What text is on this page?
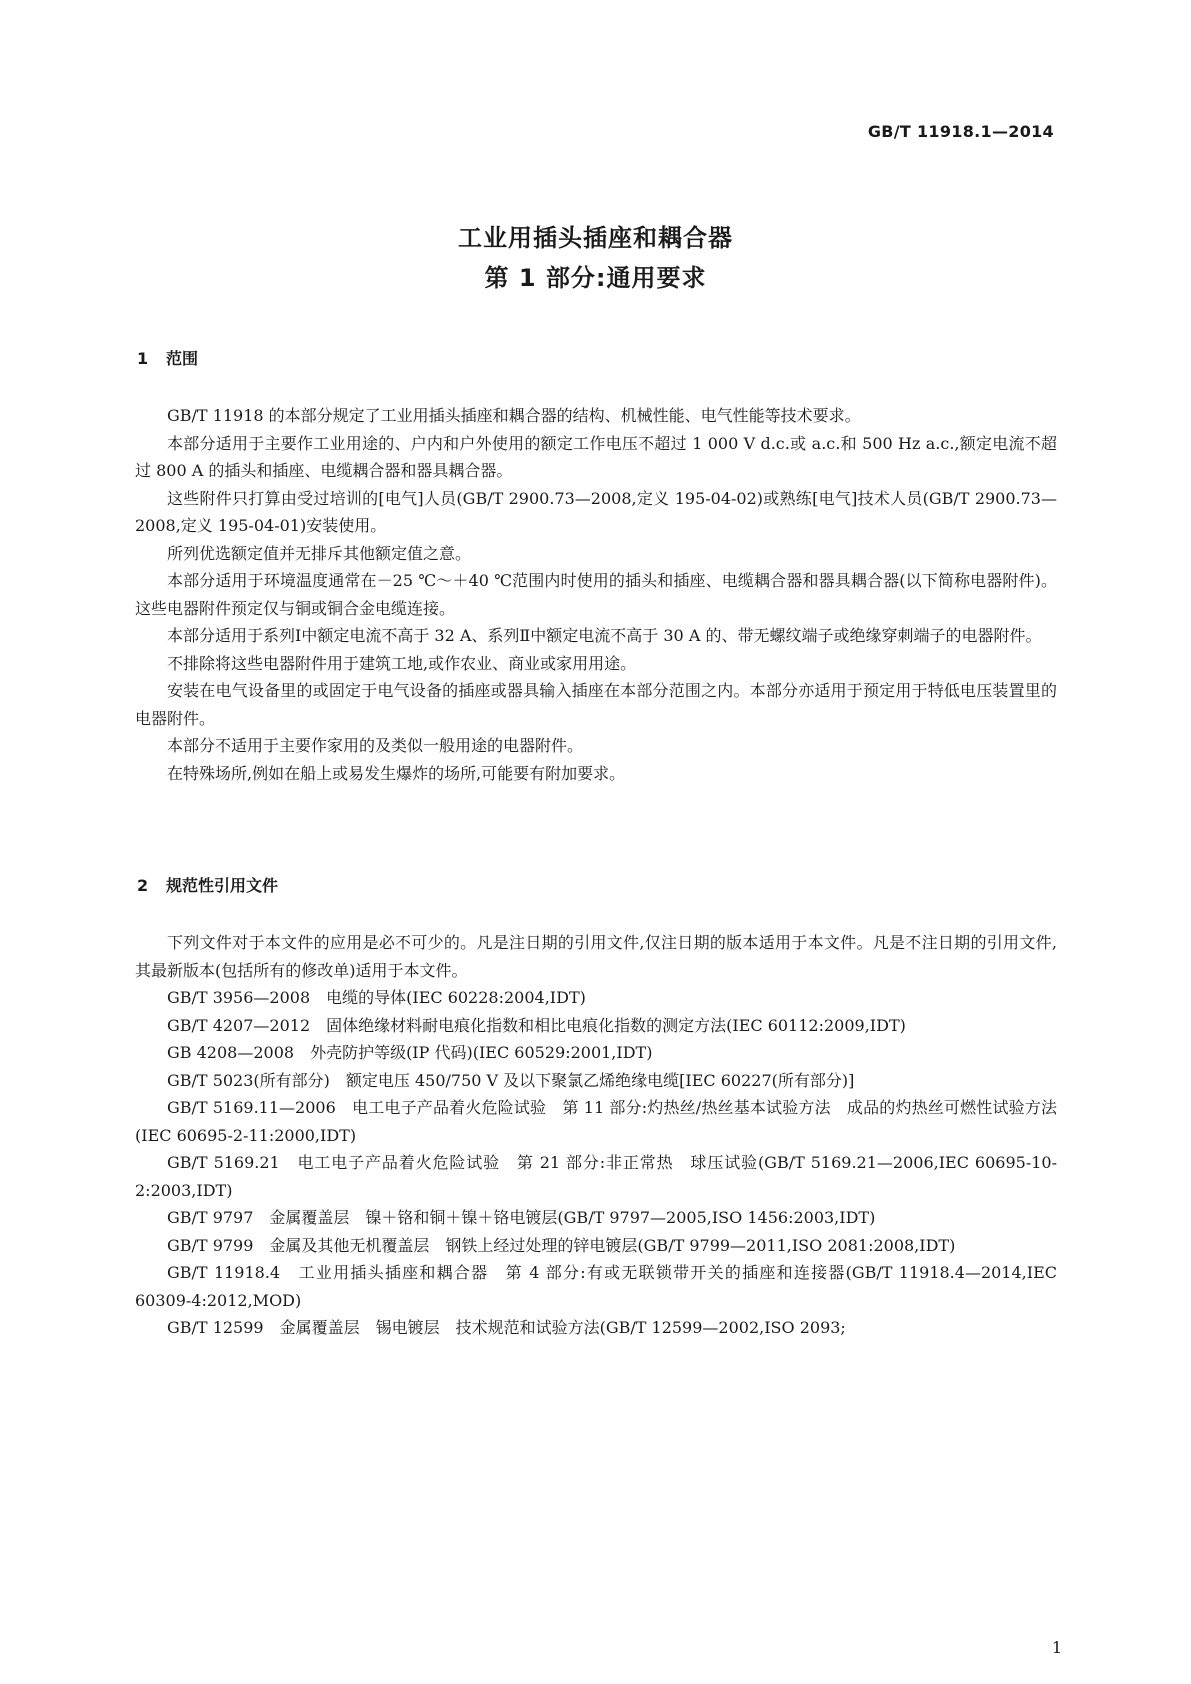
GB/T 11918.1—2014
工业用插头插座和耦合器
第 1 部分:通用要求
1 范围

GB/T 11918 的本部分规定了工业用插头插座和耦合器的结构、机械性能、电气性能等技术要求。

本部分适用于主要作工业用途的、户内和户外使用的额定工作电压不超过 1 000 V d.c.或 a.c.和 500 Hz a.c.,额定电流不超过 800 A 的插头和插座、电缆耦合器和器具耦合器。

这些附件只打算由受过培训的[电气]人员(GB/T 2900.73—2008,定义 195-04-02)或熟练[电气]技术人员(GB/T 2900.73—2008,定义 195-04-01)安装使用。

所列优选额定值并无排斥其他额定值之意。

本部分适用于环境温度通常在－25 ℃～＋40 ℃范围内时使用的插头和插座、电缆耦合器和器具耦合器(以下简称电器附件)。这些电器附件预定仅与铜或铜合金电缆连接。

本部分适用于系列Ⅰ中额定电流不高于 32 A、系列Ⅱ中额定电流不高于 30 A 的、带无螺纹端子或绝缘穿刺端子的电器附件。

不排除将这些电器附件用于建筑工地,或作农业、商业或家用用途。

安装在电气设备里的或固定于电气设备的插座或器具输入插座在本部分范围之内。本部分亦适用于预定用于特低电压装置里的电器附件。

本部分不适用于主要作家用的及类似一般用途的电器附件。

在特殊场所,例如在船上或易发生爆炸的场所,可能要有附加要求。

2 规范性引用文件

下列文件对于本文件的应用是必不可少的。凡是注日期的引用文件,仅注日期的版本适用于本文件。凡是不注日期的引用文件,其最新版本(包括所有的修改单)适用于本文件。

GB/T 3956—2008　电缆的导体(IEC 60228:2004,IDT)

GB/T 4207—2012　固体绝缘材料耐电痕化指数和相比电痕化指数的测定方法(IEC 60112:2009,IDT)

GB 4208—2008　外壳防护等级(IP 代码)(IEC 60529:2001,IDT)

GB/T 5023(所有部分)　额定电压 450/750 V 及以下聚氯乙烯绝缘电缆[IEC 60227(所有部分)]

GB/T 5169.11—2006　电工电子产品着火危险试验　第 11 部分:灼热丝/热丝基本试验方法　成品的灼热丝可燃性试验方法(IEC 60695-2-11:2000,IDT)

GB/T 5169.21　电工电子产品着火危险试验　第 21 部分:非正常热　球压试验(GB/T 5169.21—2006,IEC 60695-10-2:2003,IDT)

GB/T 9797　金属覆盖层　镍＋铬和铜＋镍＋铬电镀层(GB/T 9797—2005,ISO 1456:2003,IDT)

GB/T 9799　金属及其他无机覆盖层　钢铁上经过处理的锌电镀层(GB/T 9799—2011,ISO 2081:2008,IDT)

GB/T 11918.4　工业用插头插座和耦合器　第 4 部分:有或无联锁带开关的插座和连接器(GB/T 11918.4—2014,IEC 60309-4:2012,MOD)

GB/T 12599　金属覆盖层　锡电镀层　技术规范和试验方法(GB/T 12599—2002,ISO 2093;

1
